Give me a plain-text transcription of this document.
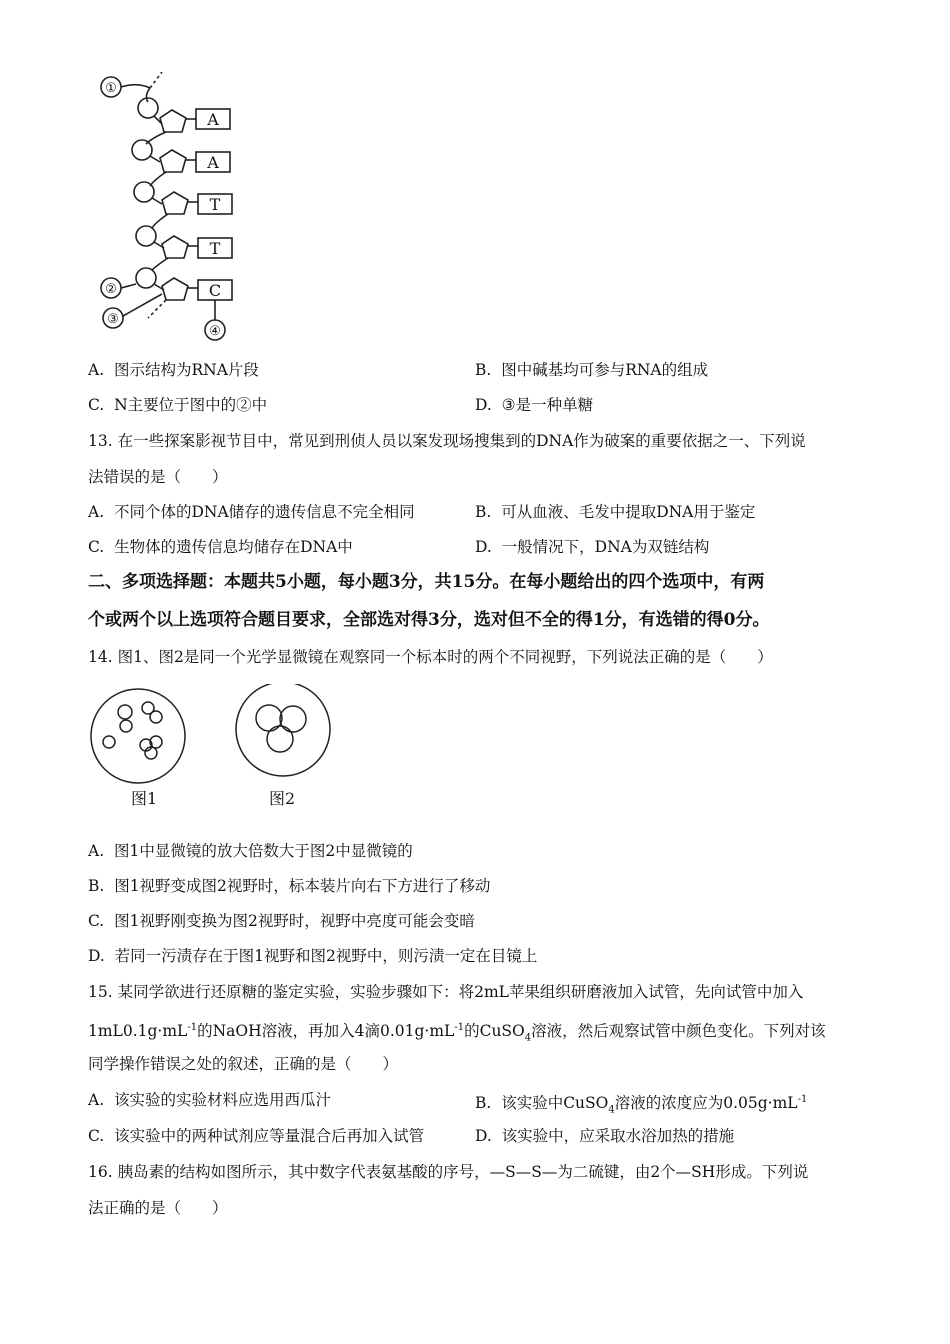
①
②
③
④
A
A
T
T
C
A. 图示结构为RNA片段	B. 图中碱基均可参与RNA的组成
C. N主要位于图中的②中	D. ③是一种单糖
13. 在一些探案影视节目中，常见到刑侦人员以案发现场搜集到的DNA作为破案的重要依据之一、下列说
法错误的是（　　）
A. 不同个体的DNA储存的遗传信息不完全相同	B. 可从血液、毛发中提取DNA用于鉴定
C. 生物体的遗传信息均储存在DNA中	D. 一般情况下，DNA为双链结构
二、多项选择题：本题共5小题，每小题3分，共15分。在每小题给出的四个选项中，有两
个或两个以上选项符合题目要求，全部选对得3分，选对但不全的得1分，有选错的得0分。
14. 图1、图2是同一个光学显微镜在观察同一个标本时的两个不同视野，下列说法正确的是（　　）
图1	图2
A. 图1中显微镜的放大倍数大于图2中显微镜的
B. 图1视野变成图2视野时，标本装片向右下方进行了移动
C. 图1视野刚变换为图2视野时，视野中亮度可能会变暗
D. 若同一污渍存在于图1视野和图2视野中，则污渍一定在目镜上
15. 某同学欲进行还原糖的鉴定实验，实验步骤如下：将2mL苹果组织研磨液加入试管，先向试管中加入
$1mL0.1g\cdot mL^{-1}$的NaOH溶液，再加入4滴$0.01g\cdot mL^{-1}$的CuSO$_4$溶液，然后观察试管中颜色变化。下列对该
同学操作错误之处的叙述，正确的是（　　）
A. 该实验的实验材料应选用西瓜汁	B. 该实验中CuSO$_4$溶液的浓度应为$0.05g\cdot mL^{-1}$
C. 该实验中的两种试剂应等量混合后再加入试管	D. 该实验中，应采取水浴加热的措施
16. 胰岛素的结构如图所示，其中数字代表氨基酸的序号，—S—S—为二硫键，由2个—SH形成。下列说
法正确的是（　　）
